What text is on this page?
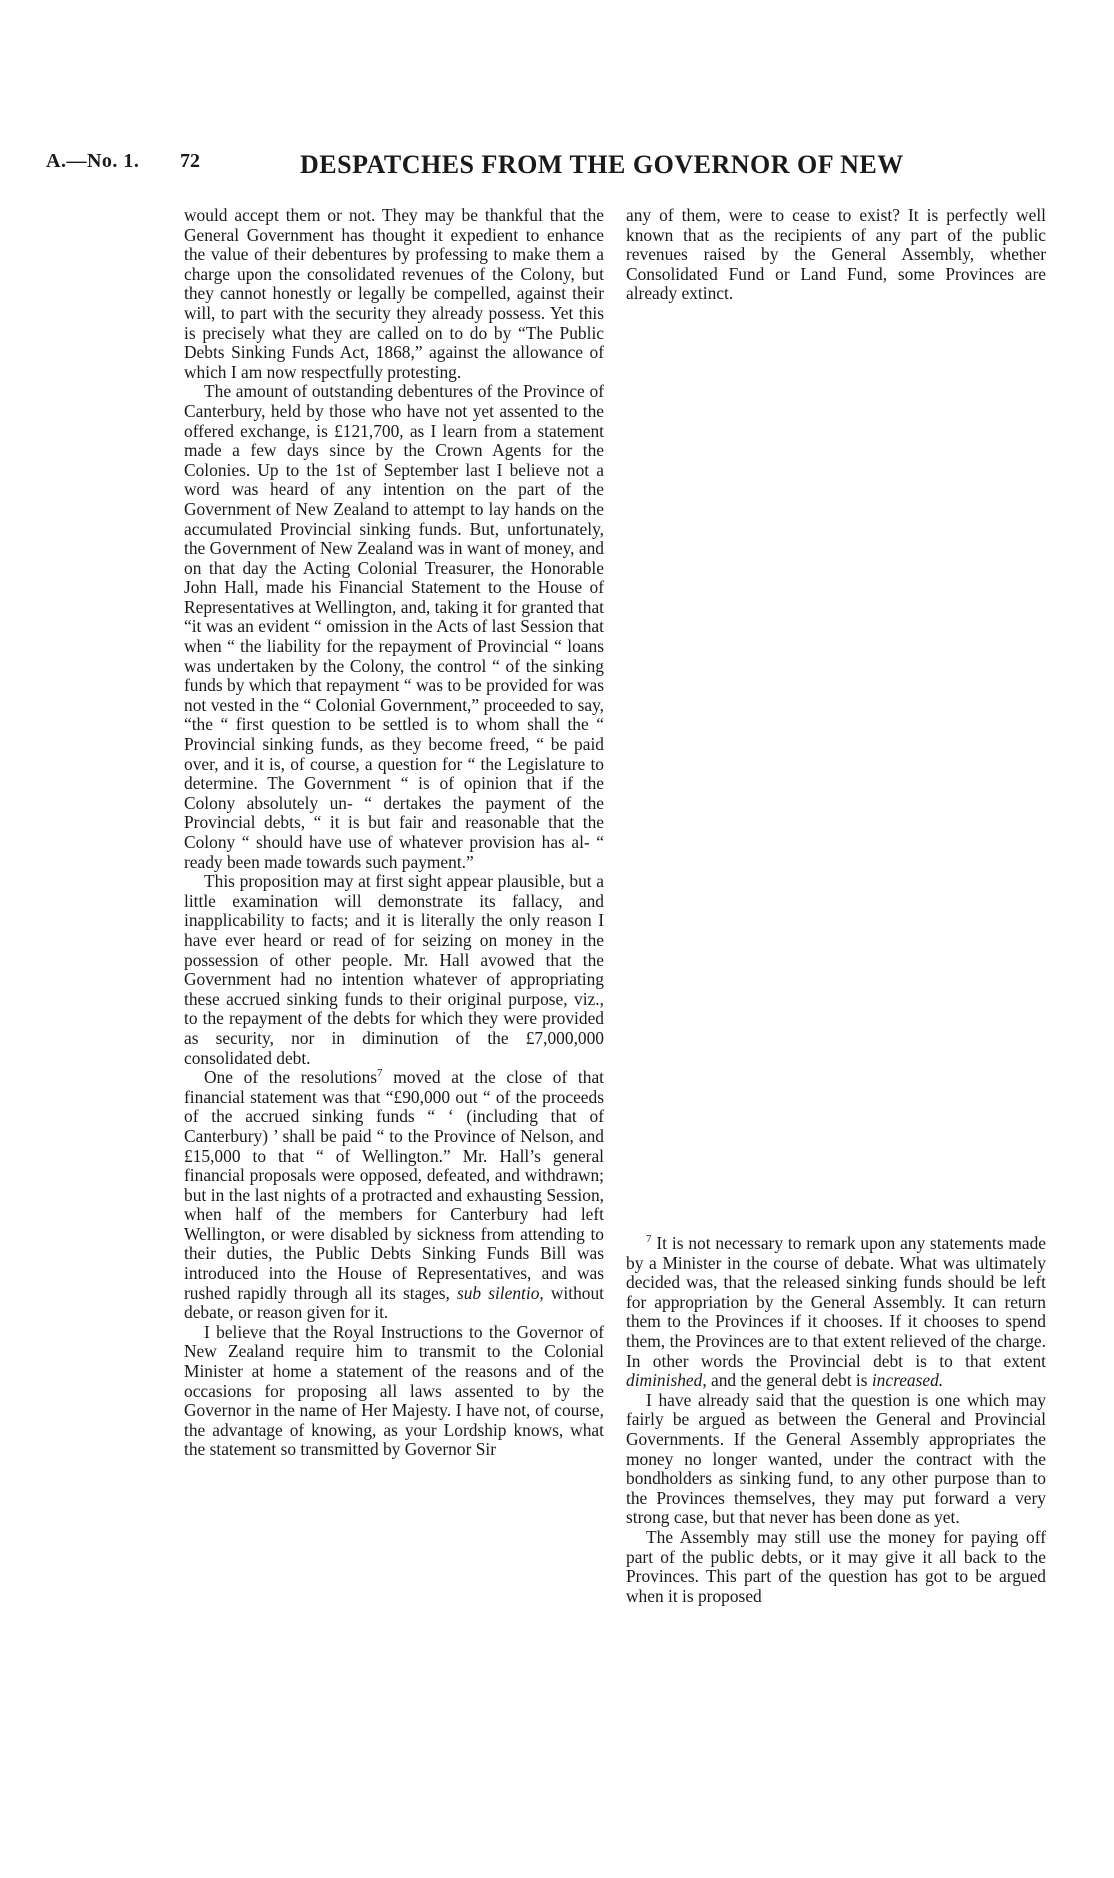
A.—No. 1. 72	DESPATCHES FROM THE GOVERNOR OF NEW

would accept them or not. They may be thankful that the General Government has thought it expedient to enhance the value of their debentures by professing to make them a charge upon the consolidated revenues of the Colony, but they cannot honestly or legally be compelled, against their will, to part with the security they already possess. Yet this is precisely what they are called on to do by “The Public Debts Sinking Funds Act, 1868,” against the allowance of which I am now respectfully protesting.

The amount of outstanding debentures of the Province of Canterbury, held by those who have not yet assented to the offered exchange, is £121,700, as I learn from a statement made a few days since by the Crown Agents for the Colonies. Up to the 1st of September last I believe not a word was heard of any intention on the part of the Government of New Zealand to attempt to lay hands on the accumulated Provincial sinking funds. But, unfortunately, the Government of New Zealand was in want of money, and on that day the Acting Colonial Treasurer, the Honorable John Hall, made his Financial Statement to the House of Representatives at Wellington, and, taking it for granted that “it was an evident “ omission in the Acts of last Session that when “ the liability for the repayment of Provincial “ loans was undertaken by the Colony, the control “ of the sinking funds by which that repayment “ was to be provided for was not vested in the “ Colonial Government,” proceeded to say, “the “ first question to be settled is to whom shall the “ Provincial sinking funds, as they become freed, “ be paid over, and it is, of course, a question for “ the Legislature to determine. The Government “ is of opinion that if the Colony absolutely un- “ dertakes the payment of the Provincial debts, “ it is but fair and reasonable that the Colony “ should have use of whatever provision has al- “ ready been made towards such payment.”

This proposition may at first sight appear plausible, but a little examination will demonstrate its fallacy, and inapplicability to facts; and it is literally the only reason I have ever heard or read of for seizing on money in the possession of other people. Mr. Hall avowed that the Government had no intention whatever of appropriating these accrued sinking funds to their original purpose, viz., to the repayment of the debts for which they were provided as security, nor in diminution of the £7,000,000 consolidated debt.

One of the resolutions$^7$ moved at the close of that financial statement was that “£90,000 out “ of the proceeds of the accrued sinking funds “ ‘ (including that of Canterbury) ’ shall be paid “ to the Province of Nelson, and £15,000 to that “ of Wellington.” Mr. Hall’s general financial proposals were opposed, defeated, and withdrawn; but in the last nights of a protracted and exhausting Session, when half of the members for Canterbury had left Wellington, or were disabled by sickness from attending to their duties, the Public Debts Sinking Funds Bill was introduced into the House of Representatives, and was rushed rapidly through all its stages, sub silentio, without debate, or reason given for it.

I believe that the Royal Instructions to the Governor of New Zealand require him to transmit to the Colonial Minister at home a statement of the reasons and of the occasions for proposing all laws assented to by the Governor in the name of Her Majesty. I have not, of course, the advantage of knowing, as your Lordship knows, what the statement so transmitted by Governor Sir

any of them, were to cease to exist? It is perfectly well known that as the recipients of any part of the public revenues raised by the General Assembly, whether Consolidated Fund or Land Fund, some Provinces are already extinct.

$^7$ It is not necessary to remark upon any statements made by a Minister in the course of debate. What was ultimately decided was, that the released sinking funds should be left for appropriation by the General Assembly. It can return them to the Provinces if it chooses. If it chooses to spend them, the Provinces are to that extent relieved of the charge. In other words the Provincial debt is to that extent diminished, and the general debt is increased.

I have already said that the question is one which may fairly be argued as between the General and Provincial Governments. If the General Assembly appropriates the money no longer wanted, under the contract with the bondholders as sinking fund, to any other purpose than to the Provinces themselves, they may put forward a very strong case, but that never has been done as yet.

The Assembly may still use the money for paying off part of the public debts, or it may give it all back to the Provinces. This part of the question has got to be argued when it is proposed
